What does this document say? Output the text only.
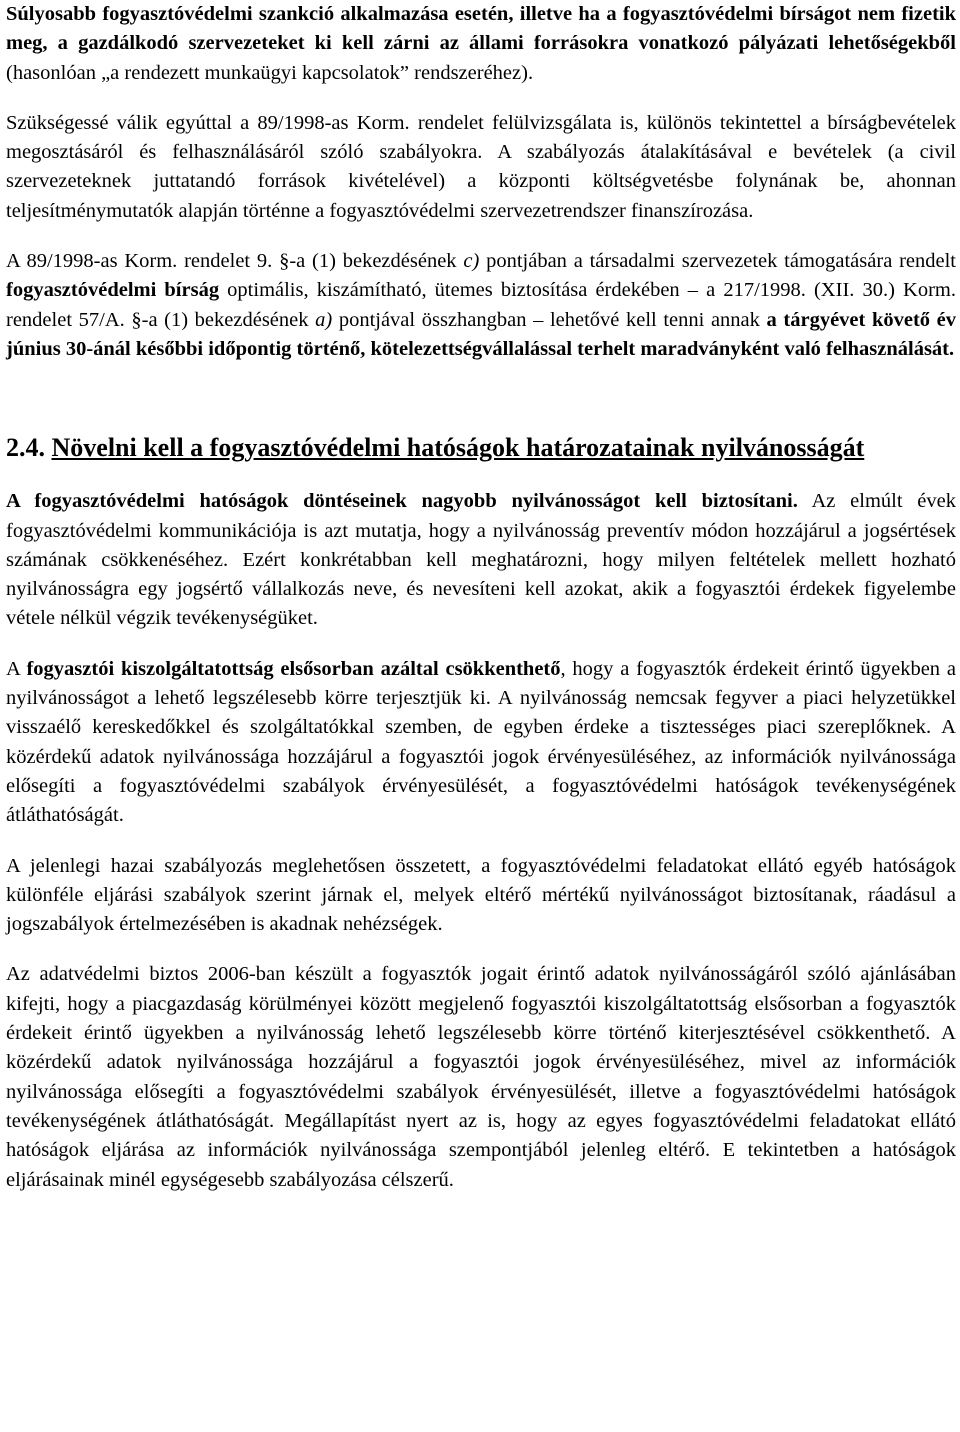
Súlyosabb fogyasztóvédelmi szankció alkalmazása esetén, illetve ha a fogyasztóvédelmi bírságot nem fizetik meg, a gazdálkodó szervezeteket ki kell zárni az állami forrásokra vonatkozó pályázati lehetőségekből (hasonlóan „a rendezett munkaügyi kapcsolatok” rendszeréhez).

Szükségessé válik egyúttal a 89/1998-as Korm. rendelet felülvizsgálata is, különös tekintettel a bírságbevételek megosztásáról és felhasználásáról szóló szabályokra. A szabályozás átalakításával e bevételek (a civil szervezeteknek juttatandó források kivételével) a központi költségvetésbe folynának be, ahonnan teljesítménymutatók alapján történne a fogyasztóvédelmi szervezetrendszer finanszírozása.

A 89/1998-as Korm. rendelet 9. §-a (1) bekezdésének c) pontjában a társadalmi szervezetek támogatására rendelt fogyasztóvédelmi bírság optimális, kiszámítható, ütemes biztosítása érdekében – a 217/1998. (XII. 30.) Korm. rendelet 57/A. §-a (1) bekezdésének a) pontjával összhangban – lehetővé kell tenni annak a tárgyévet követő év június 30-ánál későbbi időpontig történő, kötelezettségvállalással terhelt maradványként való felhasználását.

2.4. Növelni kell a fogyasztóvédelmi hatóságok határozatainak nyilvánosságát

A fogyasztóvédelmi hatóságok döntéseinek nagyobb nyilvánosságot kell biztosítani. Az elmúlt évek fogyasztóvédelmi kommunikációja is azt mutatja, hogy a nyilvánosság preventív módon hozzájárul a jogsértések számának csökkenéséhez. Ezért konkrétabban kell meghatározni, hogy milyen feltételek mellett hozható nyilvánosságra egy jogsértő vállalkozás neve, és nevesíteni kell azokat, akik a fogyasztói érdekek figyelembe vétele nélkül végzik tevékenységüket.

A fogyasztói kiszolgáltatottság elsősorban azáltal csökkenthető, hogy a fogyasztók érdekeit érintő ügyekben a nyilvánosságot a lehető legszélesebb körre terjesztjük ki. A nyilvánosság nemcsak fegyver a piaci helyzetükkel visszaélő kereskedőkkel és szolgáltatókkal szemben, de egyben érdeke a tisztességes piaci szereplőknek. A közérdekű adatok nyilvánossága hozzájárul a fogyasztói jogok érvényesüléséhez, az információk nyilvánossága elősegíti a fogyasztóvédelmi szabályok érvényesülését, a fogyasztóvédelmi hatóságok tevékenységének átláthatóságát.

A jelenlegi hazai szabályozás meglehetősen összetett, a fogyasztóvédelmi feladatokat ellátó egyéb hatóságok különféle eljárási szabályok szerint járnak el, melyek eltérő mértékű nyilvánosságot biztosítanak, ráadásul a jogszabályok értelmezésében is akadnak nehézségek.

Az adatvédelmi biztos 2006-ban készült a fogyasztók jogait érintő adatok nyilvánosságáról szóló ajánlásában kifejti, hogy a piacgazdaság körülményei között megjelenő fogyasztói kiszolgáltatottság elsősorban a fogyasztók érdekeit érintő ügyekben a nyilvánosság lehető legszélesebb körre történő kiterjesztésével csökkenthető. A közérdekű adatok nyilvánossága hozzájárul a fogyasztói jogok érvényesüléséhez, mivel az információk nyilvánossága elősegíti a fogyasztóvédelmi szabályok érvényesülését, illetve a fogyasztóvédelmi hatóságok tevékenységének átláthatóságát. Megállapítást nyert az is, hogy az egyes fogyasztóvédelmi feladatokat ellátó hatóságok eljárása az információk nyilvánossága szempontjából jelenleg eltérő. E tekintetben a hatóságok eljárásainak minél egységesebb szabályozása célszerű.
